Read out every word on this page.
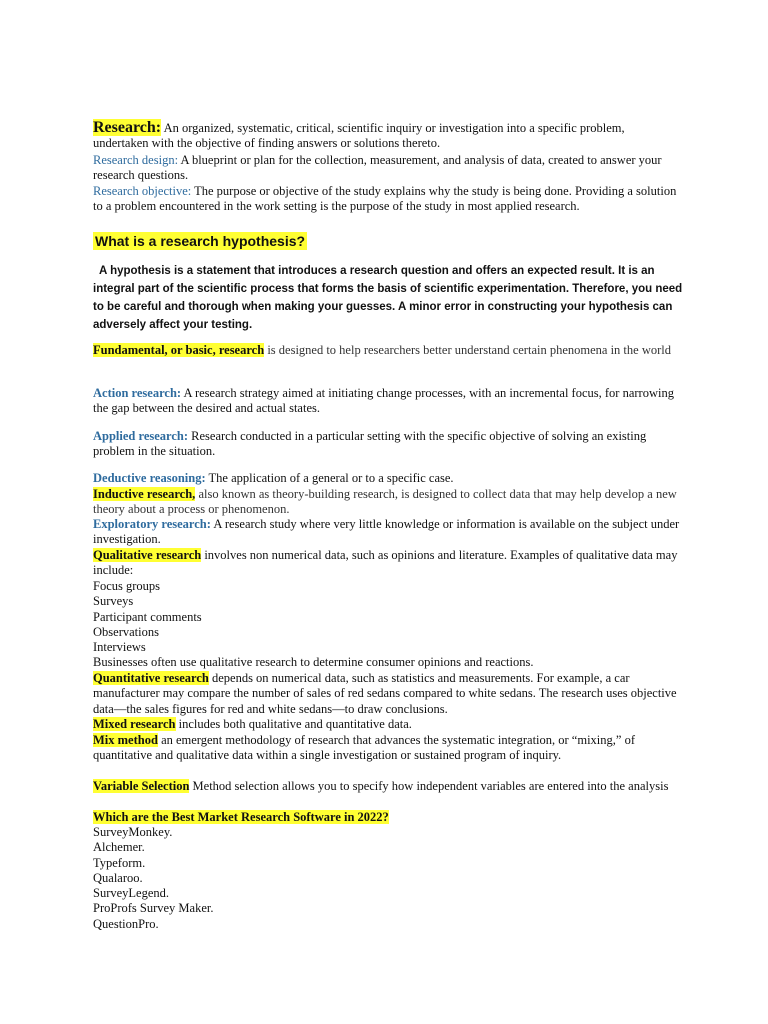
Research: An organized, systematic, critical, scientific inquiry or investigation into a specific problem, undertaken with the objective of finding answers or solutions thereto.

Research design: A blueprint or plan for the collection, measurement, and analysis of data, created to answer your research questions.

Research objective: The purpose or objective of the study explains why the study is being done. Providing a solution to a problem encountered in the work setting is the purpose of the study in most applied research.

What is a research hypothesis?

A hypothesis is a statement that introduces a research question and offers an expected result. It is an integral part of the scientific process that forms the basis of scientific experimentation. Therefore, you need to be careful and thorough when making your guesses. A minor error in constructing your hypothesis can adversely affect your testing.

Fundamental, or basic, research is designed to help researchers better understand certain phenomena in the world

Action research: A research strategy aimed at initiating change processes, with an incremental focus, for narrowing the gap between the desired and actual states.

Applied research: Research conducted in a particular setting with the specific objective of solving an existing problem in the situation.

Deductive reasoning: The application of a general or to a specific case.

Inductive research, also known as theory-building research, is designed to collect data that may help develop a new theory about a process or phenomenon.

Exploratory research: A research study where very little knowledge or information is available on the subject under investigation.

Qualitative research involves non numerical data, such as opinions and literature. Examples of qualitative data may include:

Focus groups
Surveys
Participant comments
Observations
Interviews
Businesses often use qualitative research to determine consumer opinions and reactions.

Quantitative research depends on numerical data, such as statistics and measurements. For example, a car manufacturer may compare the number of sales of red sedans compared to white sedans. The research uses objective data—the sales figures for red and white sedans—to draw conclusions.

Mixed research includes both qualitative and quantitative data.

Mix method an emergent methodology of research that advances the systematic integration, or “mixing,” of quantitative and qualitative data within a single investigation or sustained program of inquiry.

Variable Selection Method selection allows you to specify how independent variables are entered into the analysis

Which are the Best Market Research Software in 2022?
SurveyMonkey.
Alchemer.
Typeform.
Qualaroo.
SurveyLegend.
ProProfs Survey Maker.
QuestionPro.
